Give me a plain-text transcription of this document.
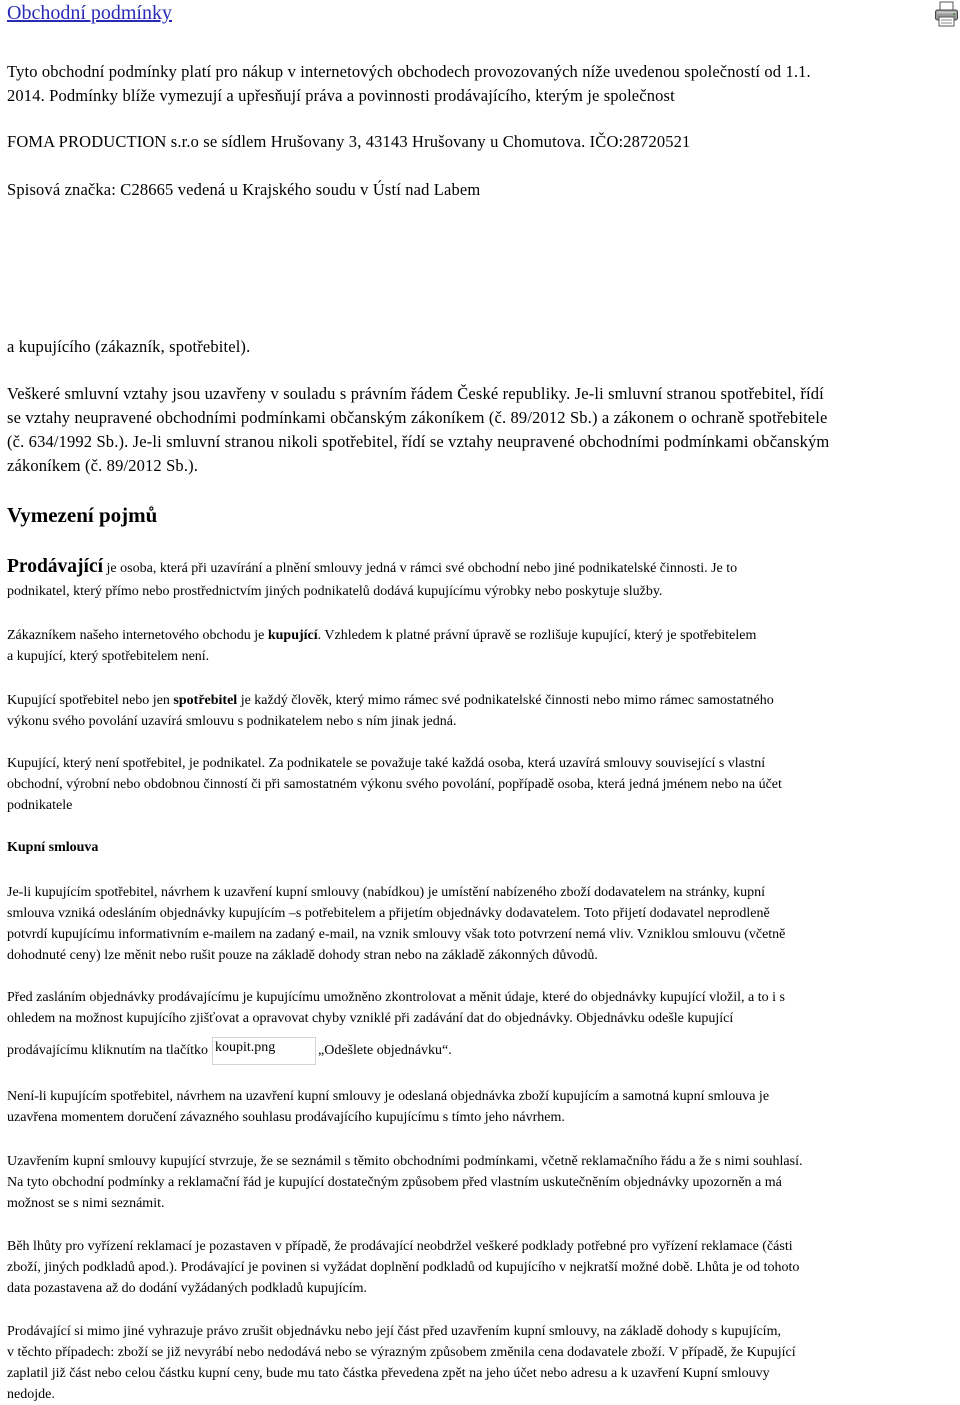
Obchodní podmínky
Tyto obchodní podmínky platí pro nákup v internetových obchodech provozovaných níže uvedenou společností od 1.1.
2014. Podmínky blíže vymezují a upřesňují práva a povinnosti prodávajícího, kterým je společnost
FOMA PRODUCTION s.r.o se sídlem Hrušovany 3, 43143 Hrušovany u Chomutova. IČO:28720521
Spisová značka: C28665 vedená u Krajského soudu v Ústí nad Labem
a kupujícího (zákazník, spotřebitel).
Veškeré smluvní vztahy jsou uzavřeny v souladu s právním řádem České republiky. Je-li smluvní stranou spotřebitel, řídí
se vztahy neupravené obchodními podmínkami občanským zákoníkem (č. 89/2012 Sb.) a zákonem o ochraně spotřebitele
(č. 634/1992 Sb.). Je-li smluvní stranou nikoli spotřebitel, řídí se vztahy neupravené obchodními podmínkami občanským
zákoníkem (č. 89/2012 Sb.).
Vymezení pojmů
Prodávající je osoba, která při uzavírání a plnění smlouvy jedná v rámci své obchodní nebo jiné podnikatelské činnosti. Je to
podnikatel, který přímo nebo prostřednictvím jiných podnikatelů dodává kupujícímu výrobky nebo poskytuje služby.
Zákazníkem našeho internetového obchodu je kupující. Vzhledem k platné právní úpravě se rozlišuje kupující, který je spotřebitelem
a kupující, který spotřebitelem není.
Kupující spotřebitel nebo jen spotřebitel je každý člověk, který mimo rámec své podnikatelské činnosti nebo mimo rámec samostatného
výkonu svého povolání uzavírá smlouvu s podnikatelem nebo s ním jinak jedná.
Kupující, který není spotřebitel, je podnikatel. Za podnikatele se považuje také každá osoba, která uzavírá smlouvy související s vlastní
obchodní, výrobní nebo obdobnou činností či při samostatném výkonu svého povolání, popřípadě osoba, která jedná jménem nebo na účet
podnikatele
Kupní smlouva
Je-li kupujícím spotřebitel, návrhem k uzavření kupní smlouvy (nabídkou) je umístění nabízeného zboží dodavatelem na stránky, kupní
smlouva vzniká odesláním objednávky kupujícím –s potřebitelem a přijetím objednávky dodavatelem. Toto přijetí dodavatel neprodleně
potvrdí kupujícímu informativním e-mailem na zadaný e-mail, na vznik smlouvy však toto potvrzení nemá vliv. Vzniklou smlouvu (včetně
dohodnuté ceny) lze měnit nebo rušit pouze na základě dohody stran nebo na základě zákonných důvodů.
Před zasláním objednávky prodávajícímu je kupujícímu umožněno zkontrolovat a měnit údaje, které do objednávky kupující vložil, a to i s
ohledem na možnost kupujícího zjišťovat a opravovat chyby vzniklé při zadávání dat do objednávky. Objednávku odešle kupující
prodávajícímu kliknutím na tlačítko koupit.png	„Odešlete objednávku“.
Není-li kupujícím spotřebitel, návrhem na uzavření kupní smlouvy je odeslaná objednávka zboží kupujícím a samotná kupní smlouva je
uzavřena momentem doručení závazného souhlasu prodávajícího kupujícímu s tímto jeho návrhem.
Uzavřením kupní smlouvy kupující stvrzuje, že se seznámil s těmito obchodními podmínkami, včetně reklamačního řádu a že s nimi souhlasí.
Na tyto obchodní podmínky a reklamační řád je kupující dostatečným způsobem před vlastním uskutečněním objednávky upozorněn a má
možnost se s nimi seznámit.
Běh lhůty pro vyřízení reklamací je pozastaven v případě, že prodávající neobdržel veškeré podklady potřebné pro vyřízení reklamace (části
zboží, jiných podkladů apod.). Prodávající je povinen si vyžádat doplnění podkladů od kupujícího v nejkratší možné době. Lhůta je od tohoto
data pozastavena až do dodání vyžádaných podkladů kupujícím.
Prodávající si mimo jiné vyhrazuje právo zrušit objednávku nebo její část před uzavřením kupní smlouvy, na základě dohody s kupujícím,
v těchto případech: zboží se již nevyrábí nebo nedodává nebo se výrazným způsobem změnila cena dodavatele zboží. V případě, že Kupující
zaplatil již část nebo celou částku kupní ceny, bude mu tato částka převedena zpět na jeho účet nebo adresu a k uzavření Kupní smlouvy
nedojde.
